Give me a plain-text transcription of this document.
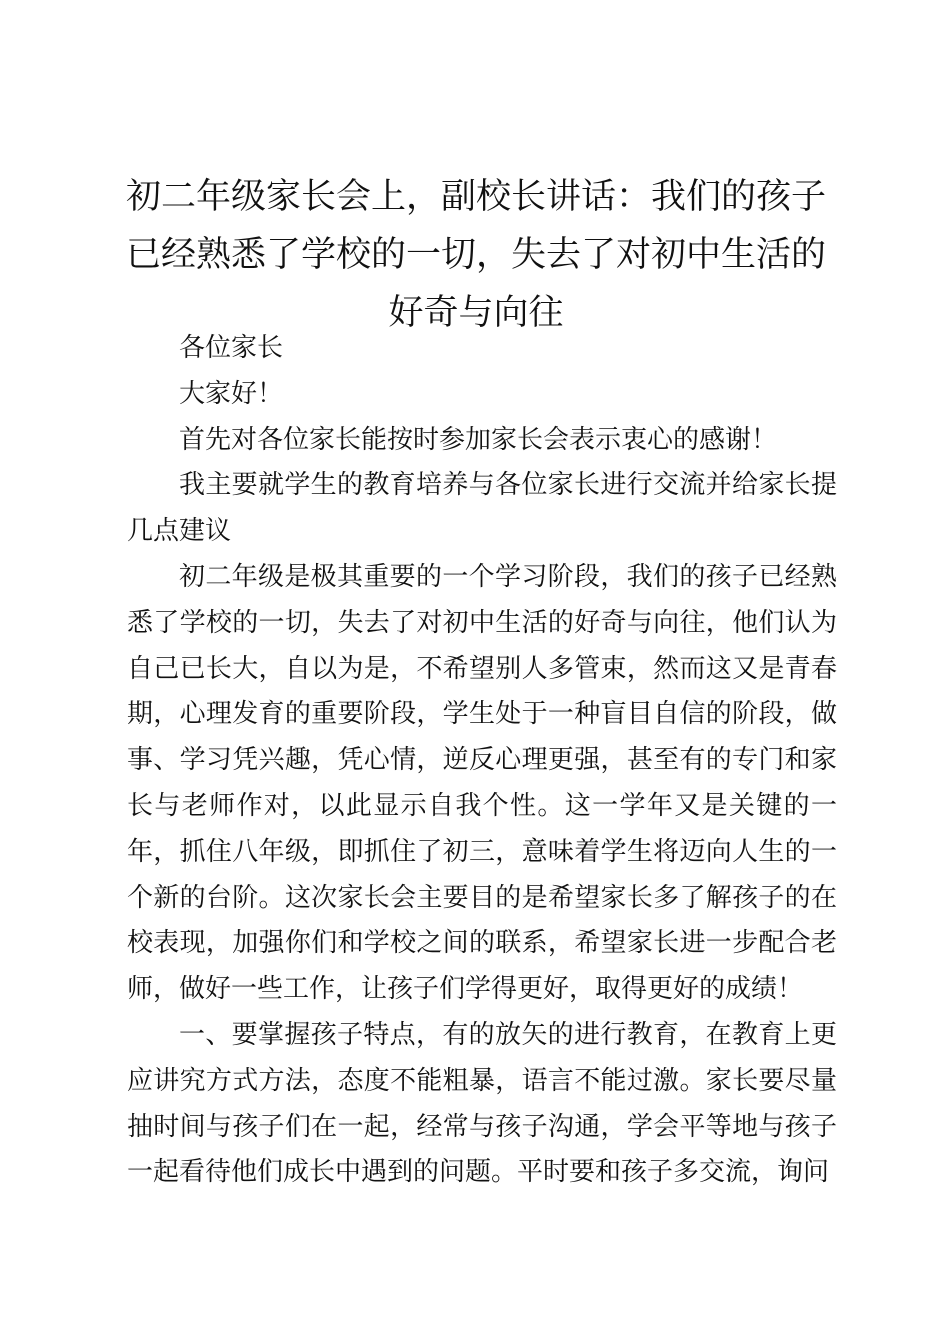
初二年级家长会上，副校长讲话：我们的孩子
已经熟悉了学校的一切，失去了对初中生活的
好奇与向往

各位家长

大家好！

首先对各位家长能按时参加家长会表示衷心的感谢！

我主要就学生的教育培养与各位家长进行交流并给家长提几点建议

初二年级是极其重要的一个学习阶段，我们的孩子已经熟悉了学校的一切，失去了对初中生活的好奇与向往，他们认为自己已长大，自以为是，不希望别人多管束，然而这又是青春期，心理发育的重要阶段，学生处于一种盲目自信的阶段，做事、学习凭兴趣，凭心情，逆反心理更强，甚至有的专门和家长与老师作对，以此显示自我个性。这一学年又是关键的一年，抓住八年级，即抓住了初三，意味着学生将迈向人生的一个新的台阶。这次家长会主要目的是希望家长多了解孩子的在校表现，加强你们和学校之间的联系，希望家长进一步配合老师，做好一些工作，让孩子们学得更好，取得更好的成绩！

一、要掌握孩子特点，有的放矢的进行教育，在教育上更应讲究方式方法，态度不能粗暴，语言不能过激。家长要尽量抽时间与孩子们在一起，经常与孩子沟通，学会平等地与孩子一起看待他们成长中遇到的问题。平时要和孩子多交流，询问
